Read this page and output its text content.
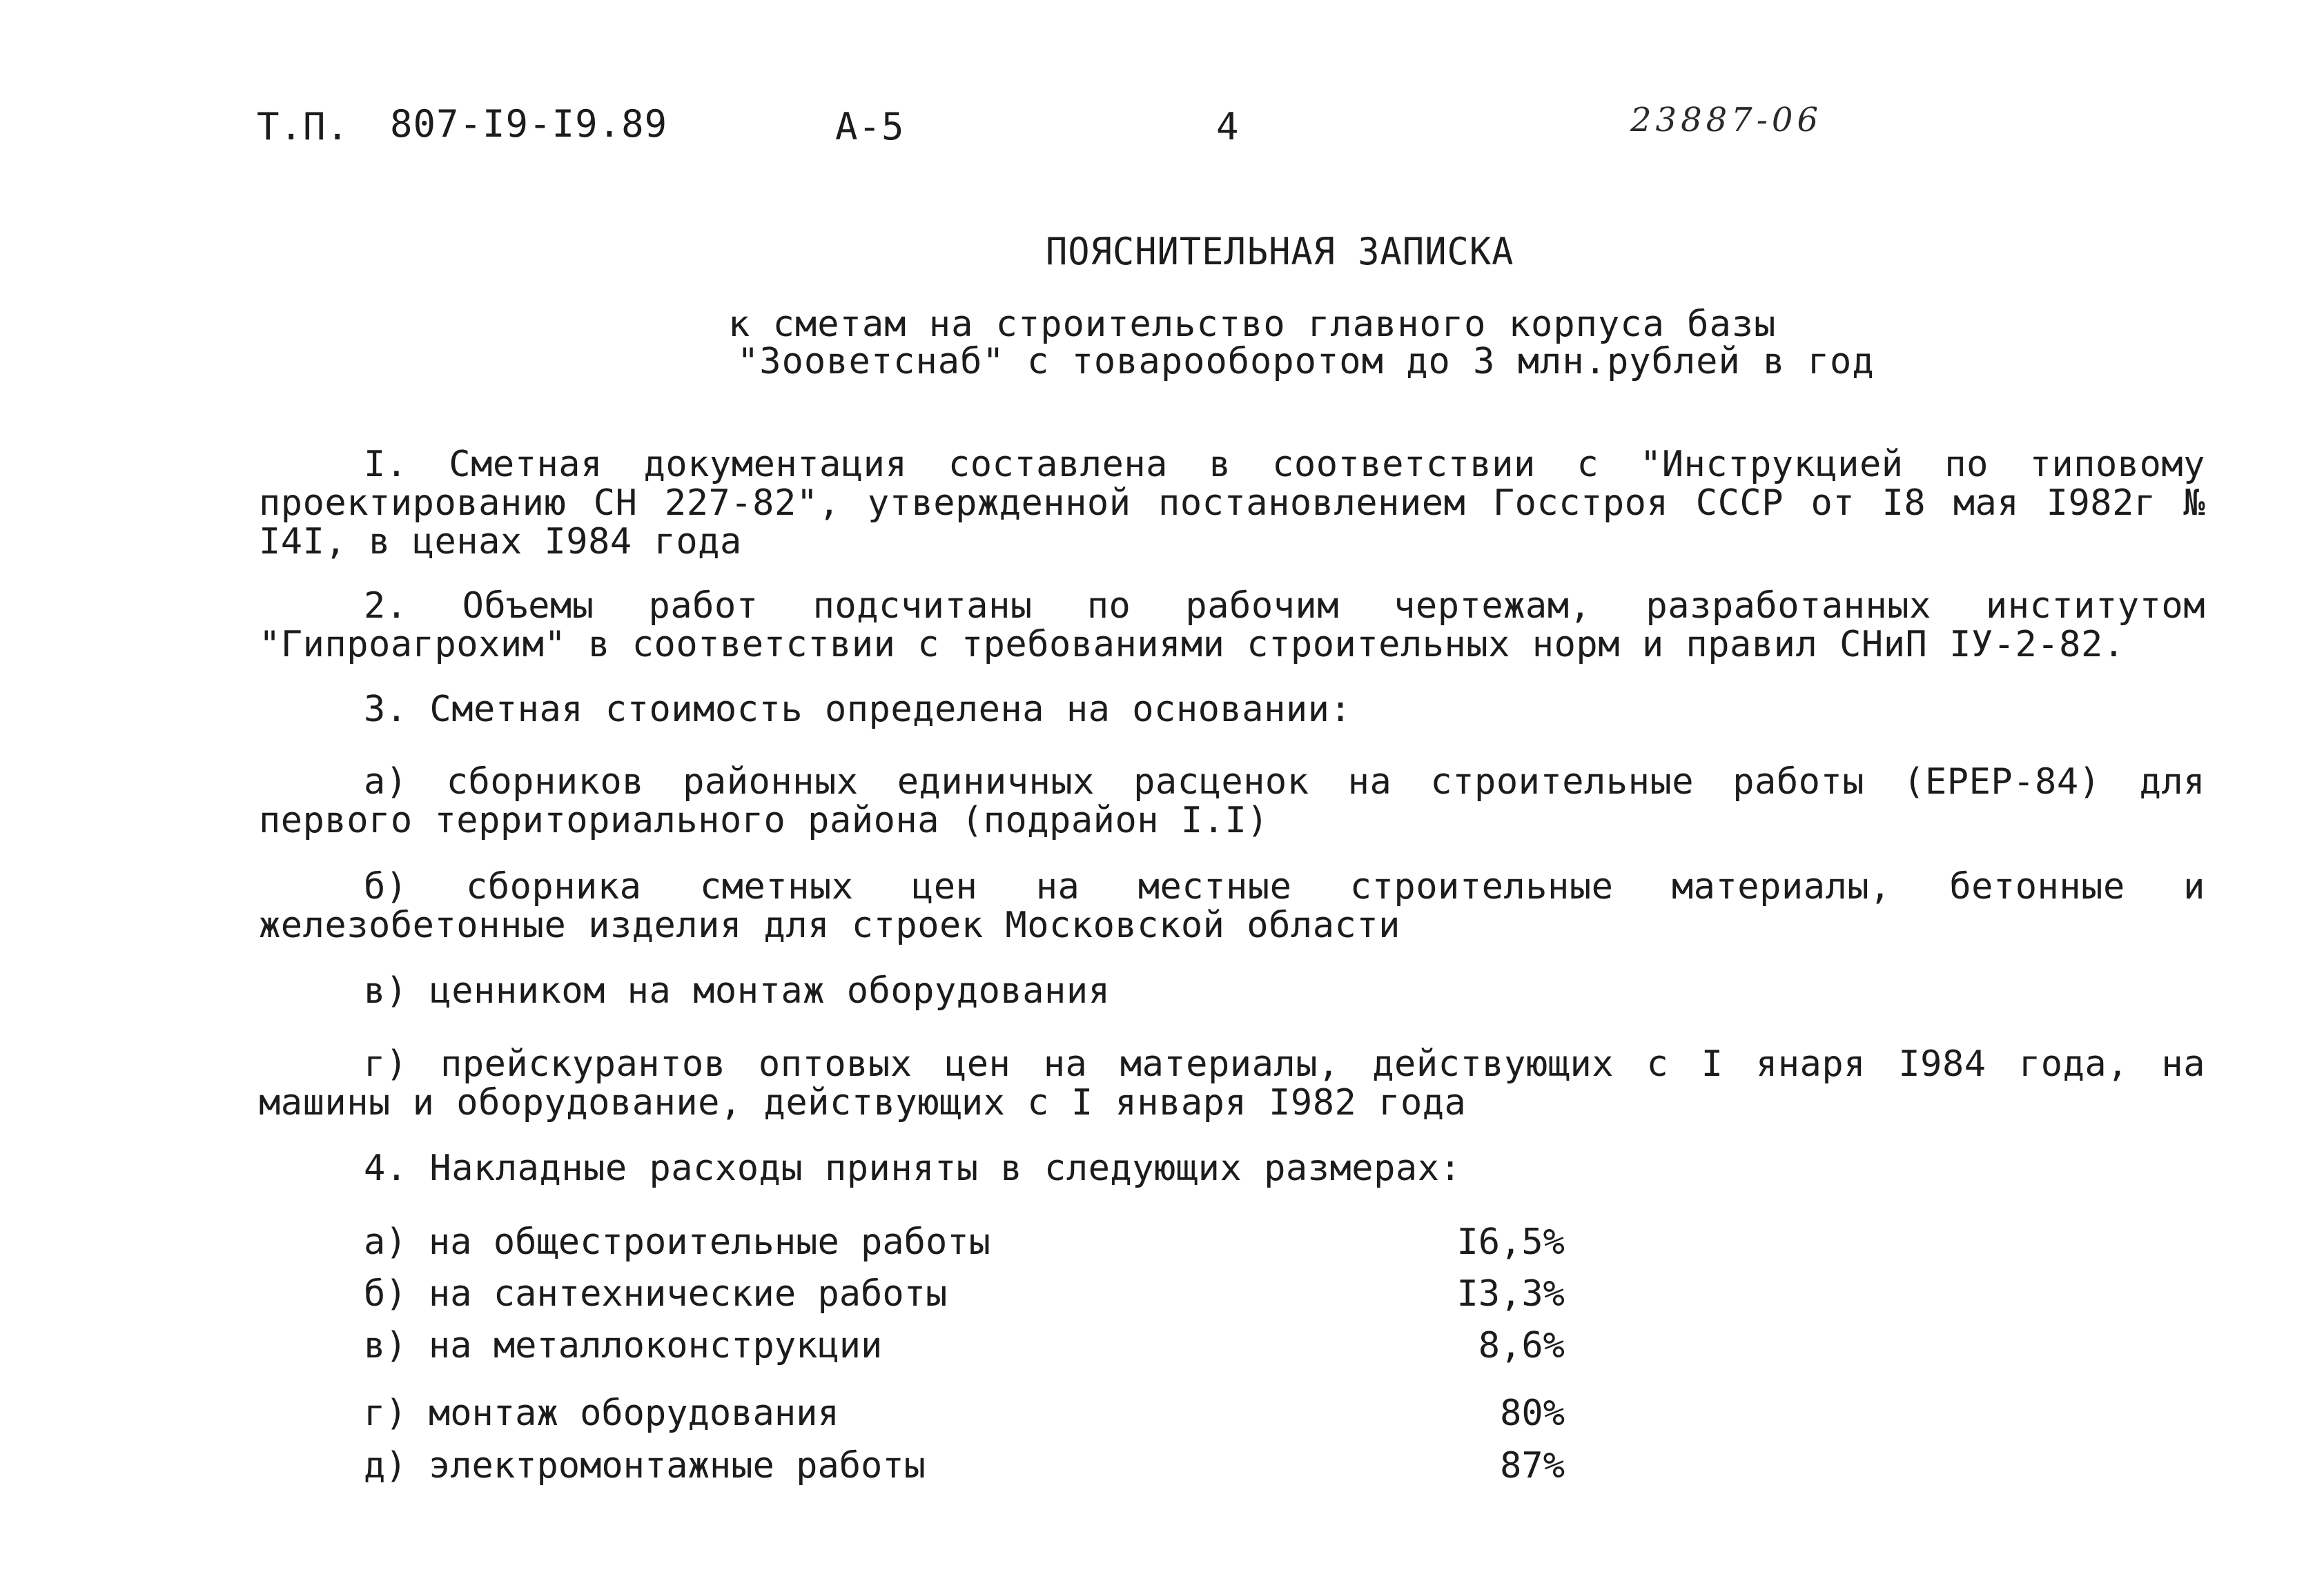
Т.П. 807-I9-I9.89	А-5	4	23887-06
ПОЯСНИТЕЛЬНАЯ ЗАПИСКА
к сметам на строительство главного корпуса базы
"Зооветснаб" с товарооборотом до 3 млн.рублей в год
I. Сметная документация составлена в соответствии с "Инструкцией по типовому проектированию СН 227-82", утвержденной постановлением Госстроя СССР от I8 мая I982г № I4I, в ценах I984 года
2. Объемы работ подсчитаны по рабочим чертежам, разработанных институтом "Гипроагрохим" в соответствии с требованиями строительных норм и правил СНиП IУ-2-82.
3. Сметная стоимость определена на основании:
а) сборников районных единичных расценок на строительные работы (ЕРЕР-84) для первого территориального района (подрайон I.I)
б) сборника сметных цен на местные строительные материалы, бетонные и железобетонные изделия для строек Московской области
в) ценником на монтаж оборудования
г) прейскурантов оптовых цен на материалы, действующих с I янаря I984 года, на машины и оборудование, действующих с I января I982 года
4. Накладные расходы приняты в следующих размерах:
а) на общестроительные работы	I6,5%
б) на сантехнические работы	I3,3%
в) на металлоконструкции	8,6%
г) монтаж оборудования	80%
д) электромонтажные работы	87%
